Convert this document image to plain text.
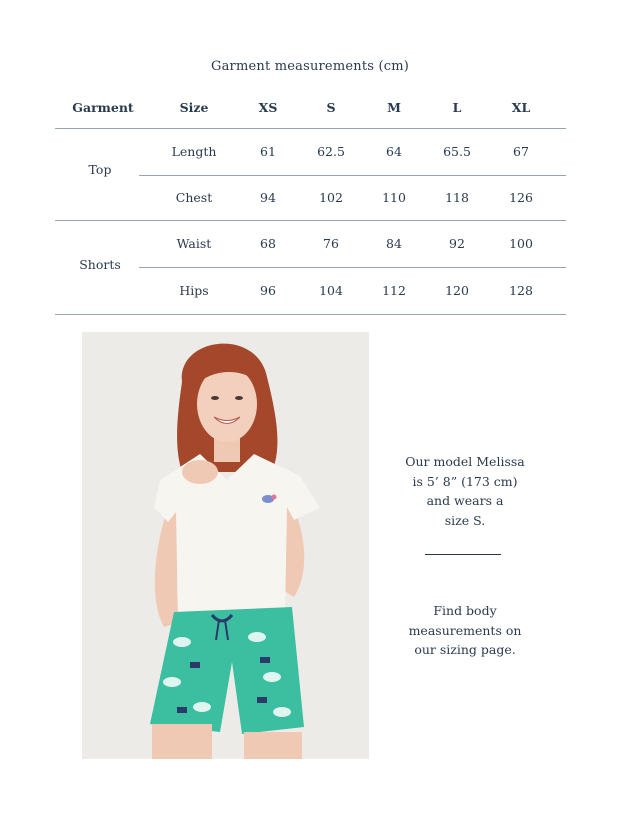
Garment measurements (cm)
Garment	Size	XS	S	M	L	XL
Top
Length	61	62.5	64	65.5	67
Chest	94	102	110	118	126
Shorts
Waist	68	76	84	92	100
Hips	96	104	112	120	128
Our model Melissa
is 5’ 8” (173 cm)
and wears a
size S.
Find body
measurements on
our sizing page.
